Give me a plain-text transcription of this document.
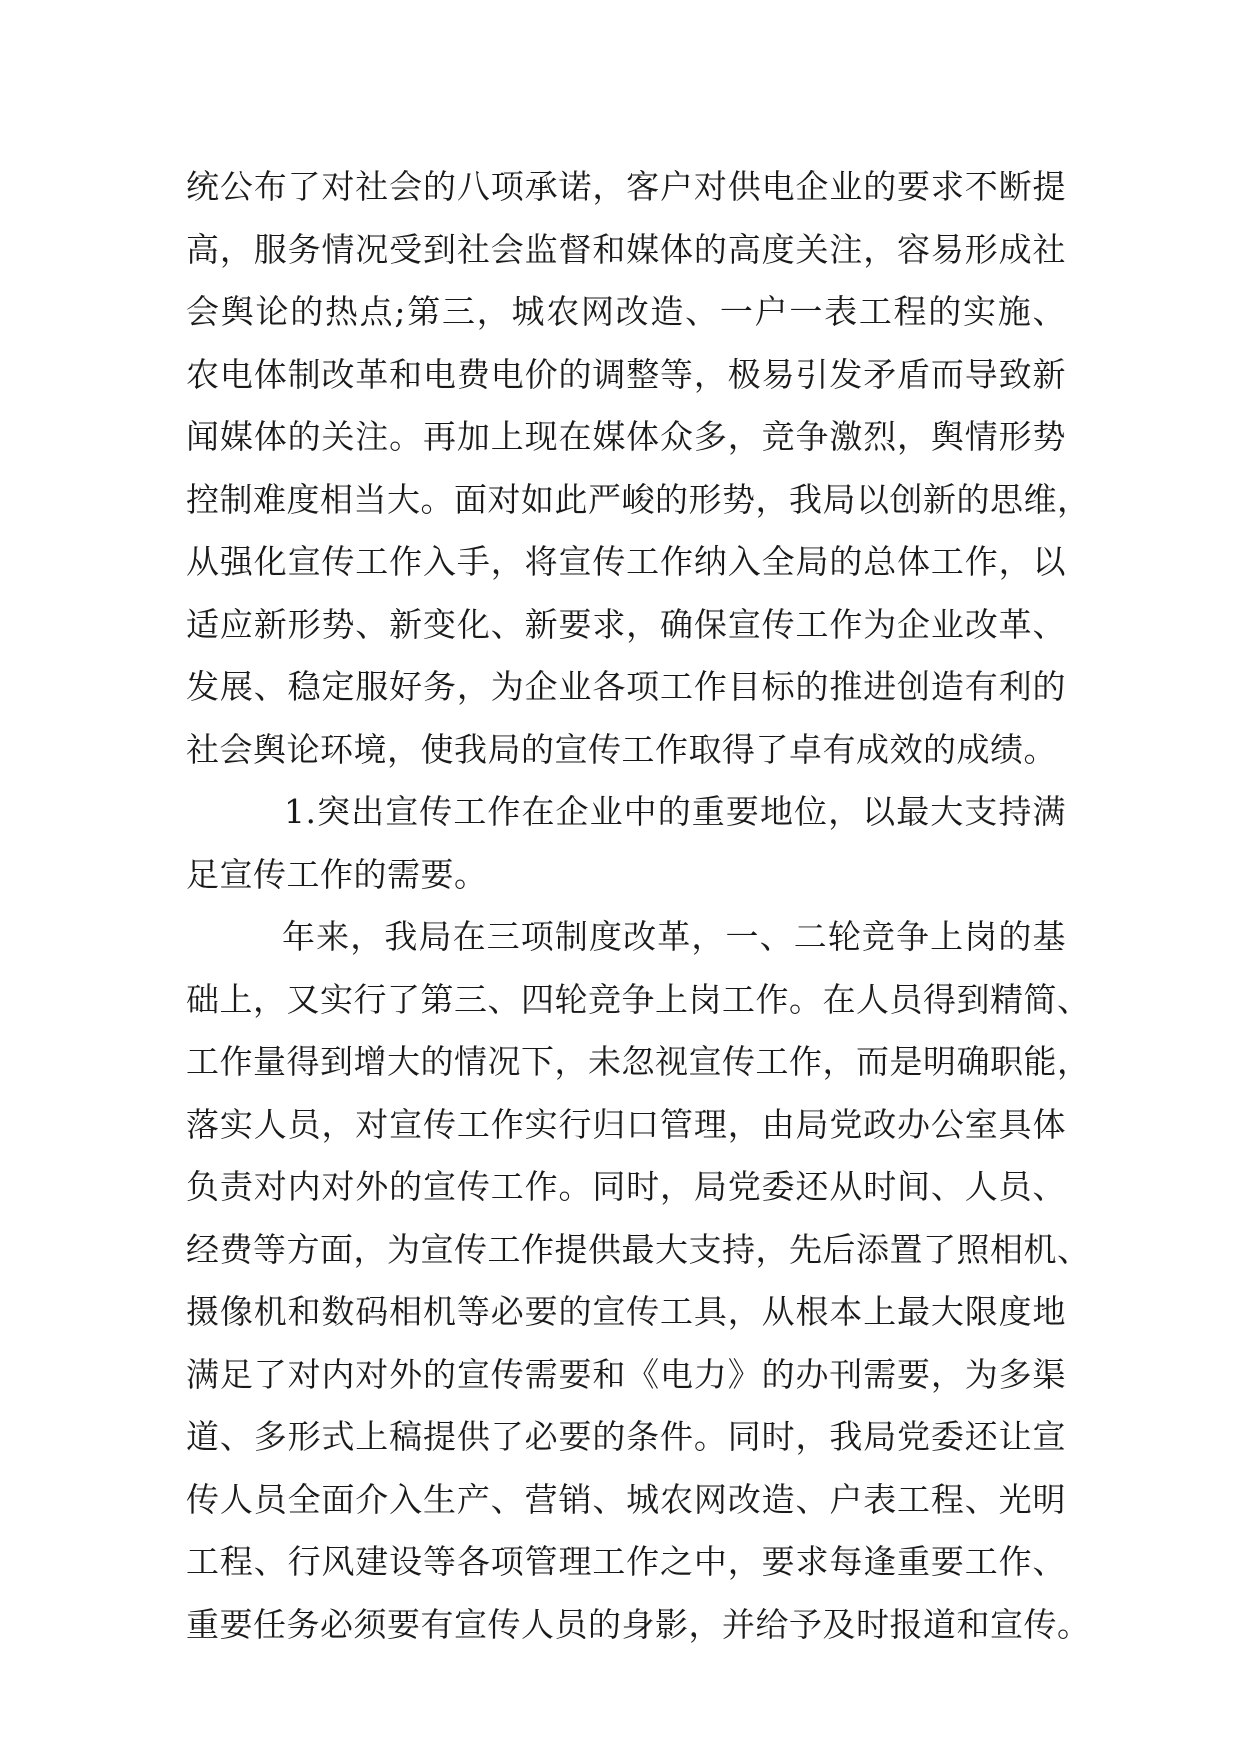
统公布了对社会的八项承诺，客户对供电企业的要求不断提
高，服务情况受到社会监督和媒体的高度关注，容易形成社
会舆论的热点;第三，城农网改造、一户一表工程的实施、
农电体制改革和电费电价的调整等，极易引发矛盾而导致新
闻媒体的关注。再加上现在媒体众多，竞争激烈，舆情形势
控制难度相当大。面对如此严峻的形势，我局以创新的思维，
从强化宣传工作入手，将宣传工作纳入全局的总体工作，以
适应新形势、新变化、新要求，确保宣传工作为企业改革、
发展、稳定服好务，为企业各项工作目标的推进创造有利的
社会舆论环境，使我局的宣传工作取得了卓有成效的成绩。
1.突出宣传工作在企业中的重要地位，以最大支持满
足宣传工作的需要。
年来，我局在三项制度改革，一、二轮竞争上岗的基
础上，又实行了第三、四轮竞争上岗工作。在人员得到精简、
工作量得到增大的情况下，未忽视宣传工作，而是明确职能，
落实人员，对宣传工作实行归口管理，由局党政办公室具体
负责对内对外的宣传工作。同时，局党委还从时间、人员、
经费等方面，为宣传工作提供最大支持，先后添置了照相机、
摄像机和数码相机等必要的宣传工具，从根本上最大限度地
满足了对内对外的宣传需要和《电力》的办刊需要，为多渠
道、多形式上稿提供了必要的条件。同时，我局党委还让宣
传人员全面介入生产、营销、城农网改造、户表工程、光明
工程、行风建设等各项管理工作之中，要求每逢重要工作、
重要任务必须要有宣传人员的身影，并给予及时报道和宣传。
